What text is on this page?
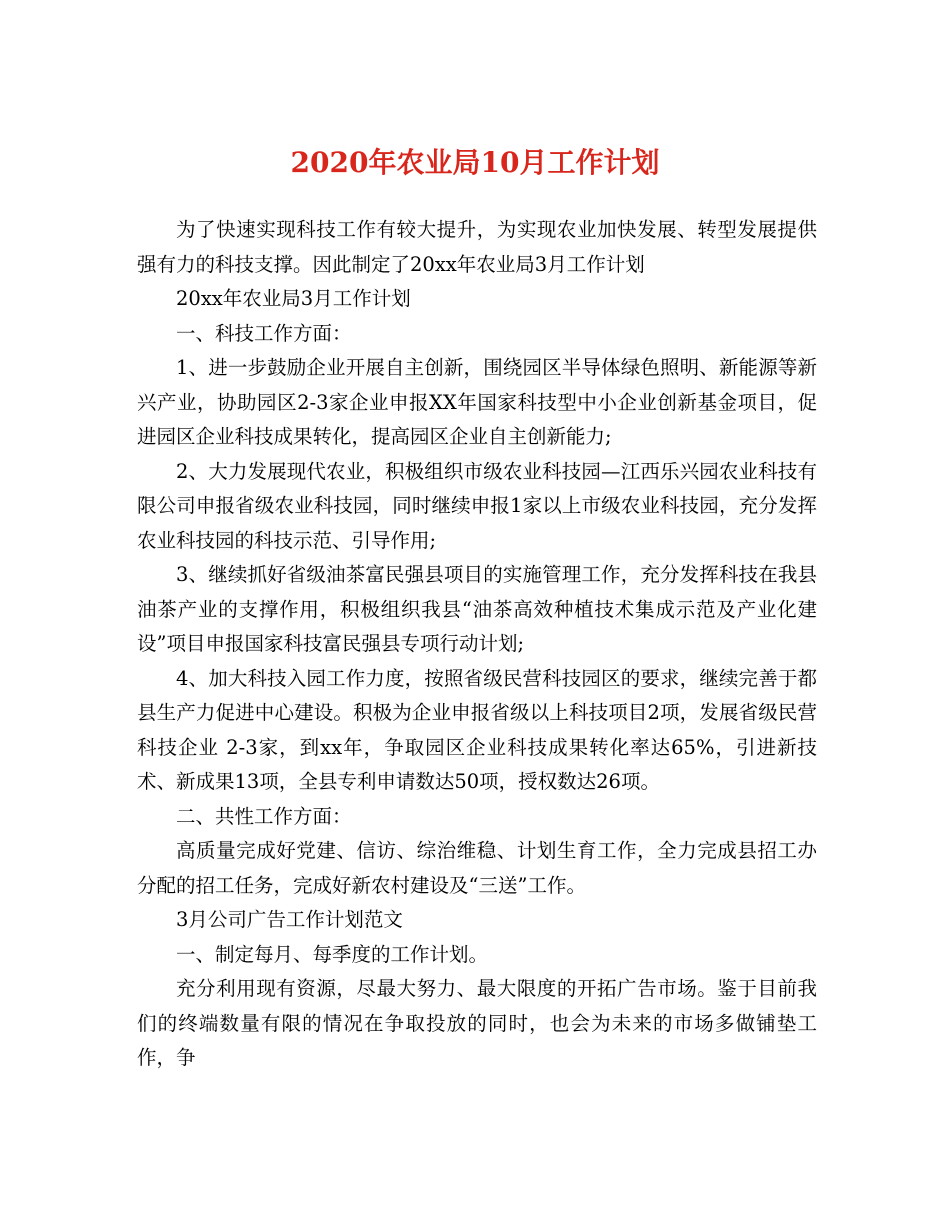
2020年农业局10月工作计划

为了快速实现科技工作有较大提升，为实现农业加快发展、转型发展提供强有力的科技支撑。因此制定了20xx年农业局3月工作计划

20xx年农业局3月工作计划

一、科技工作方面：

1、进一步鼓励企业开展自主创新，围绕园区半导体绿色照明、新能源等新兴产业，协助园区2-3家企业申报XX年国家科技型中小企业创新基金项目，促进园区企业科技成果转化，提高园区企业自主创新能力;

2、大力发展现代农业，积极组织市级农业科技园—江西乐兴园农业科技有限公司申报省级农业科技园，同时继续申报1家以上市级农业科技园，充分发挥农业科技园的科技示范、引导作用;

3、继续抓好省级油茶富民强县项目的实施管理工作，充分发挥科技在我县油茶产业的支撑作用，积极组织我县“油茶高效种植技术集成示范及产业化建设”项目申报国家科技富民强县专项行动计划;

4、加大科技入园工作力度，按照省级民营科技园区的要求，继续完善于都县生产力促进中心建设。积极为企业申报省级以上科技项目2项，发展省级民营科技企业 2-3家，到xx年，争取园区企业科技成果转化率达65%，引进新技术、新成果13项，全县专利申请数达50项，授权数达26项。

二、共性工作方面：

高质量完成好党建、信访、综治维稳、计划生育工作，全力完成县招工办分配的招工任务，完成好新农村建设及“三送”工作。

3月公司广告工作计划范文

一、制定每月、每季度的工作计划。

充分利用现有资源，尽最大努力、最大限度的开拓广告市场。鉴于目前我们的终端数量有限的情况在争取投放的同时，也会为未来的市场多做铺垫工作，争
